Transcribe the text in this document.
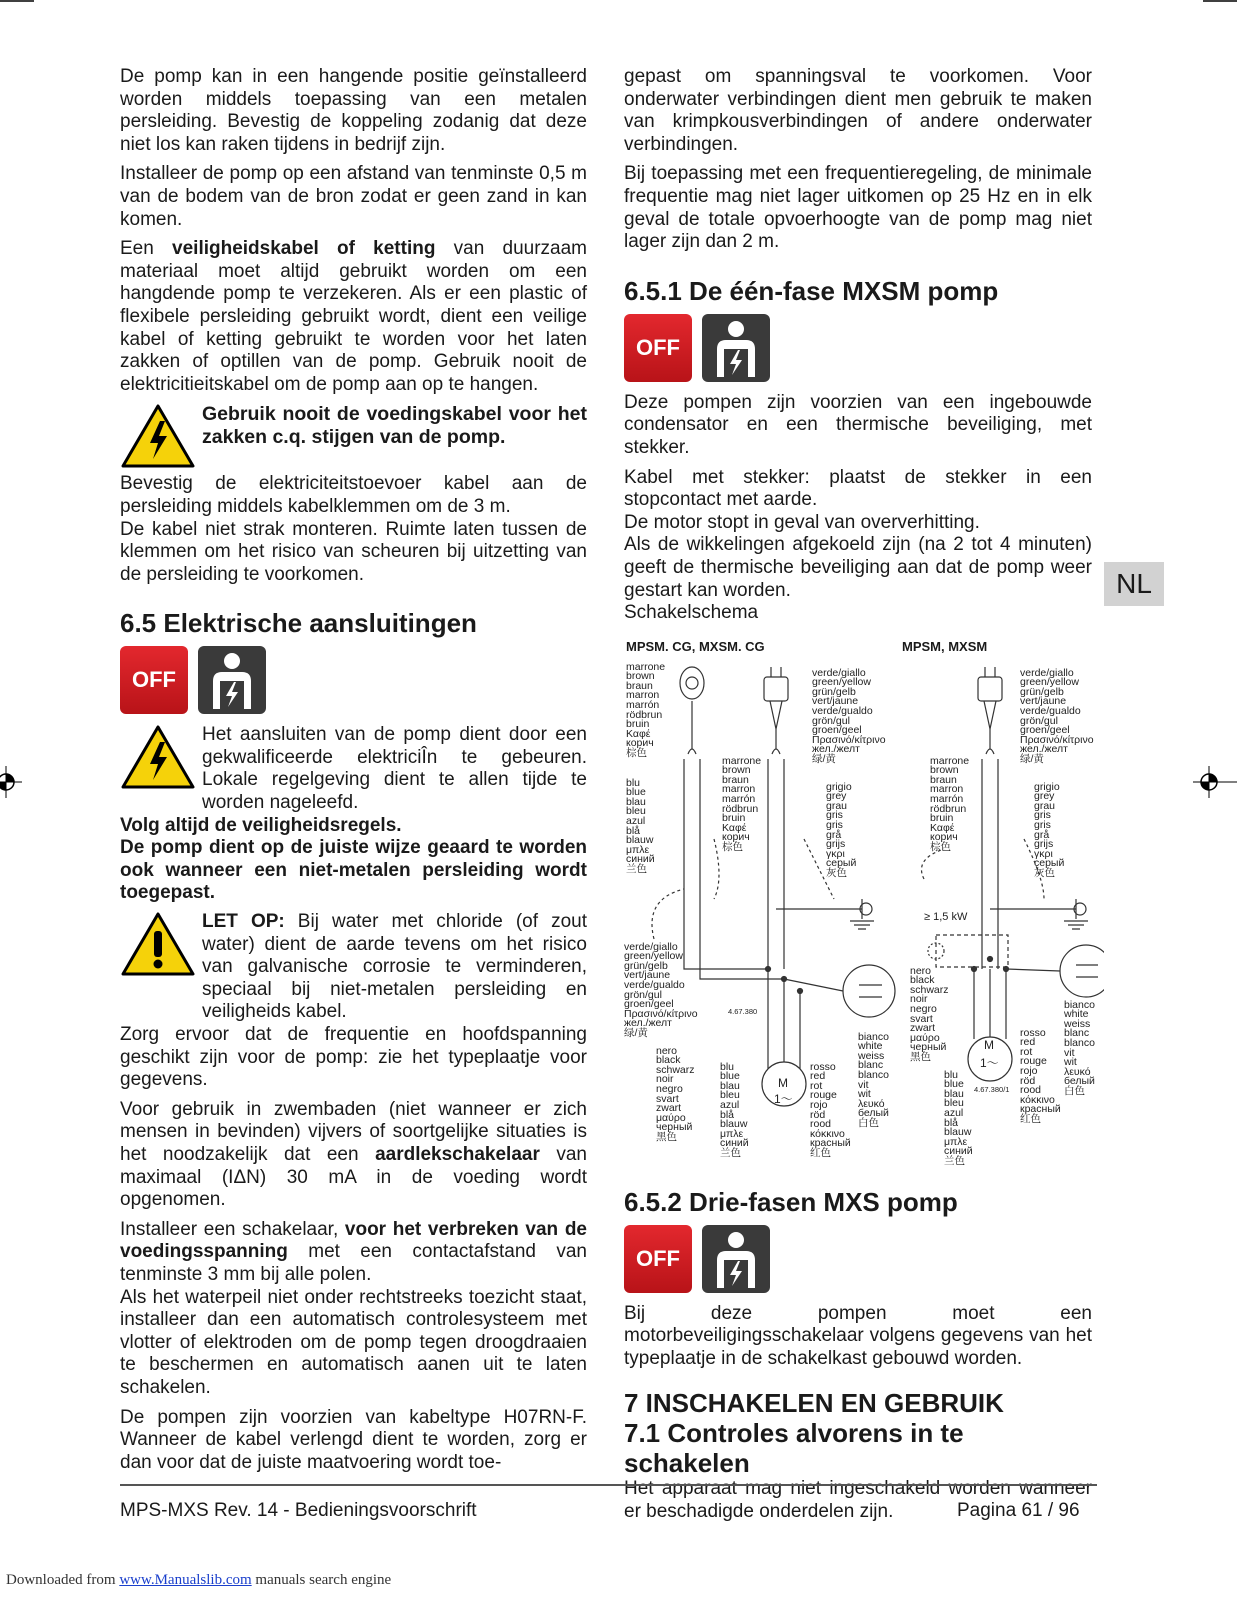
De pomp kan in een hangende positie geïnstalleerd worden middels toepassing van een metalen persleiding. Bevestig de koppeling zodanig dat deze niet los kan raken tijdens in bedrijf zijn.

Installeer de pomp op een afstand van tenminste 0,5 m van de bodem van de bron zodat er geen zand in kan komen.

Een veiligheidskabel of ketting van duurzaam materiaal moet altijd gebruikt worden om een hangdende pomp te verzekeren. Als er een plastic of flexibele persleiding gebruikt wordt, dient een veilige kabel of ketting gebruikt te worden voor het laten zakken of optillen van de pomp. Gebruik nooit de elektricitieitskabel om de pomp aan op te hangen.

Gebruik nooit de voedingskabel voor het zakken c.q. stijgen van de pomp.

Bevestig de elektriciteitstoevoer kabel aan de persleiding middels kabelklemmen om de 3 m.

De kabel niet strak monteren. Ruimte laten tussen de klemmen om het risico van scheuren bij uitzetting van de persleiding te voorkomen.

6.5 Elektrische aansluitingen
OFF

Het aansluiten van de pomp dient door een gekwalificeerde elektriciÎn te gebeuren. Lokale regelgeving dient te allen tijde te worden nageleefd.

Volg altijd de veiligheidsregels.

De pomp dient op de juiste wijze geaard te worden ook wanneer een niet-metalen persleiding wordt toegepast.

LET OP: Bij water met chloride (of zout water) dient de aarde tevens om het risico van galvanische corrosie te verminderen, speciaal bij niet-metalen persleiding en veiligheids kabel.

Zorg ervoor dat de frequentie en hoofdspanning geschikt zijn voor de pomp: zie het typeplaatje voor gegevens.

Voor gebruik in zwembaden (niet wanneer er zich mensen in bevinden) vijvers of soortgelijke situaties is het noodzakelijk dat een aardlekschakelaar van maximaal (IΔN) 30 mA in de voeding wordt opgenomen.

Installeer een schakelaar, voor het verbreken van de voedingsspanning met een contactafstand van tenminste 3 mm bij alle polen.

Als het waterpeil niet onder rechtstreeks toezicht staat, installeer dan een automatisch controlesysteem met vlotter of elektroden om de pomp tegen droogdraaien te beschermen en automatisch aanen uit te laten schakelen.

De pompen zijn voorzien van kabeltype H07RN-F. Wanneer de kabel verlengd dient te worden, zorg er dan voor dat de juiste maatvoering wordt toe-

gepast om spanningsval te voorkomen. Voor onderwater verbindingen dient men gebruik te maken van krimpkousverbindingen of andere onderwater verbindingen.

Bij toepassing met een frequentieregeling, de minimale frequentie mag niet lager uitkomen op 25 Hz en in elk geval de totale opvoerhoogte van de pomp mag niet lager zijn dan 2 m.

6.5.1 De één-fase MXSM pomp
OFF

Deze pompen zijn voorzien van een ingebouwde condensator en een thermische beveiliging, met stekker.

Kabel met stekker: plaatst de stekker in een stopcontact met aarde.

De motor stopt in geval van oververhitting.

Als de wikkelingen afgekoeld zijn (na 2 tot 4 minuten) geeft de thermische beveiliging aan dat de pomp weer gestart kan worden.

Schakelschema

MPSM. CG, MXSM. CG	MPSM, MXSM
marrone
brown
braun
marron
marrón
rödbrun
bruin
Καφέ
корич
棕色
verde/giallo
green/yellow
grün/gelb
vert/jaune
verde/gualdo
grön/gul
groen/geel
Πρασινό/κίτρινο
жел./желт
绿/黄
marrone
brown
braun
marron
marrón
rödbrun
bruin
Καφέ
корич
棕色
blu
blue
blau
bleu
azul
blå
blauw
μπλε
синий
兰色
grigio
grey
grau
gris
gris
grå
grijs
γκρι
серый
灰色
verde/giallo
green/yellow
grün/gelb
vert/jaune
verde/gualdo
grön/gul
groen/geel
Πρασινό/κίτρινο
жел./желт
绿/黄
4.67.380
nero
black
schwarz
noir
negro
svart
zwart
μαύρο
черный
黑色
blu
blue
blau
bleu
azul
blå
blauw
μπλε
синий
兰色
rosso
red
rot
rouge
rojo
röd
rood
κόκκινο
красный
红色
bianco
white
weiss
blanc
blanco
vit
wit
λευκό
белый
白色
M
1～
verde/giallo
green/yellow
grün/gelb
vert/jaune
verde/gualdo
grön/gul
groen/geel
Πρασινό/κίτρινο
жел./желт
绿/黄
marrone
brown
braun
marron
marrón
rödbrun
bruin
Καφέ
корич
棕色
grigio
grey
grau
gris
gris
grå
grijs
γκρι
серый
灰色
≥ 1,5 kW
nero
black
schwarz
noir
negro
svart
zwart
μαύρο
черный
黑色
rosso
red
rot
rouge
rojo
röd
rood
κόκκινο
красный
红色
bianco
white
weiss
blanc
blanco
vit
wit
λευκό
белый
白色
blu
blue
blau
bleu
azul
blå
blauw
μπλε
синий
兰色
4.67.380/1
M
1～
6.5.2 Drie-fasen MXS pomp
OFF

Bij deze pompen moet een motorbeveiligingsschakelaar volgens gegevens van het typeplaatje in de schakelkast gebouwd worden.

7 INSCHAKELEN EN GEBRUIK
7.1 Controles alvorens in te schakelen

Het apparaat mag niet ingeschakeld worden wanneer er beschadigde onderdelen zijn.

NL
MPS-MXS Rev. 14 - Bedieningsvoorschrift	Pagina 61 / 96
Downloaded from www.Manualslib.com manuals search engine
